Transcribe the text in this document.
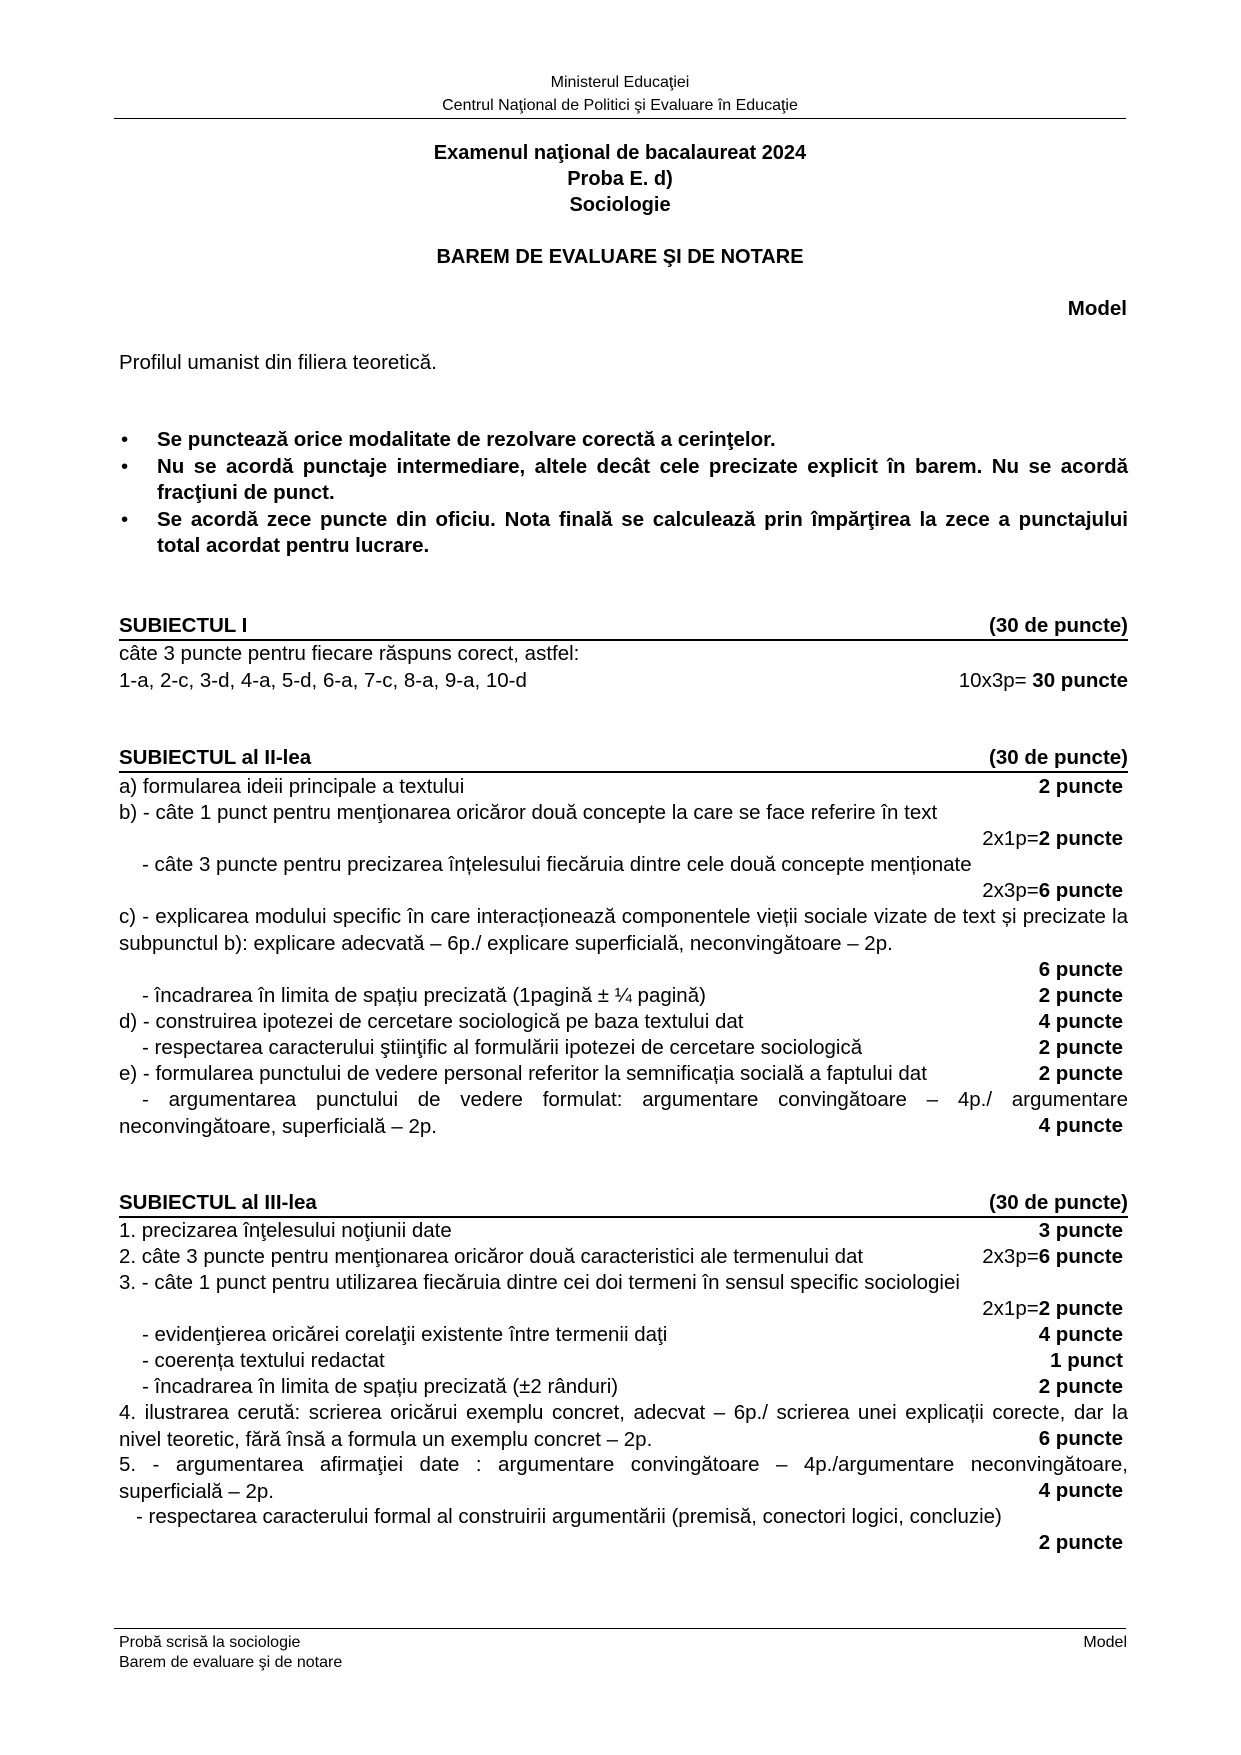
Ministerul Educaţiei
Centrul Naţional de Politici şi Evaluare în Educaţie
Examenul naţional de bacalaureat 2024
Proba E. d)
Sociologie
BAREM DE EVALUARE ŞI DE NOTARE
Model
Profilul umanist din filiera teoretică.
• Se punctează orice modalitate de rezolvare corectă a cerinţelor.
• Nu se acordă punctaje intermediare, altele decât cele precizate explicit în barem. Nu se acordă fracţiuni de punct.
• Se acordă zece puncte din oficiu. Nota finală se calculează prin împărţirea la zece a punctajului total acordat pentru lucrare.
SUBIECTUL I	(30 de puncte)
câte 3 puncte pentru fiecare răspuns corect, astfel:
1-a, 2-c, 3-d, 4-a, 5-d, 6-a, 7-c, 8-a, 9-a, 10-d	10x3p= 30 puncte
SUBIECTUL al II-lea	(30 de puncte)
a) formularea ideii principale a textului	2 puncte
b) - câte 1 punct pentru menţionarea oricăror două concepte la care se face referire în text
2x1p=2 puncte
- câte 3 puncte pentru precizarea înțelesului fiecăruia dintre cele două concepte menționate
2x3p=6 puncte
c) - explicarea modului specific în care interacționează componentele vieții sociale vizate de text și precizate la subpunctul b): explicare adecvată – 6p./ explicare superficială, neconvingătoare – 2p.
6 puncte
- încadrarea în limita de spațiu precizată (1pagină ± ¼ pagină)	2 puncte
d) - construirea ipotezei de cercetare sociologică pe baza textului dat	4 puncte
- respectarea caracterului ştiinţific al formulării ipotezei de cercetare sociologică	2 puncte
e) - formularea punctului de vedere personal referitor la semnificația socială a faptului dat	2 puncte
- argumentarea punctului de vedere formulat: argumentare convingătoare – 4p./ argumentare neconvingătoare, superficială – 2p.	4 puncte
SUBIECTUL al III-lea	(30 de puncte)
1. precizarea înţelesului noţiunii date	3 puncte
2. câte 3 puncte pentru menţionarea oricăror două caracteristici ale termenului dat	2x3p=6 puncte
3. - câte 1 punct pentru utilizarea fiecăruia dintre cei doi termeni în sensul specific sociologiei
2x1p=2 puncte
- evidenţierea oricărei corelaţii existente între termenii daţi	4 puncte
- coerența textului redactat	1 punct
- încadrarea în limita de spațiu precizată (±2 rânduri)	2 puncte
4. ilustrarea cerută: scrierea oricărui exemplu concret, adecvat – 6p./ scrierea unei explicații corecte, dar la nivel teoretic, fără însă a formula un exemplu concret – 2p.	6 puncte
5. - argumentarea afirmaţiei date : argumentare convingătoare – 4p./argumentare neconvingătoare, superficială – 2p.	4 puncte
- respectarea caracterului formal al construirii argumentării (premisă, conectori logici, concluzie)
2 puncte
Probă scrisă la sociologie
Barem de evaluare şi de notare
Model
